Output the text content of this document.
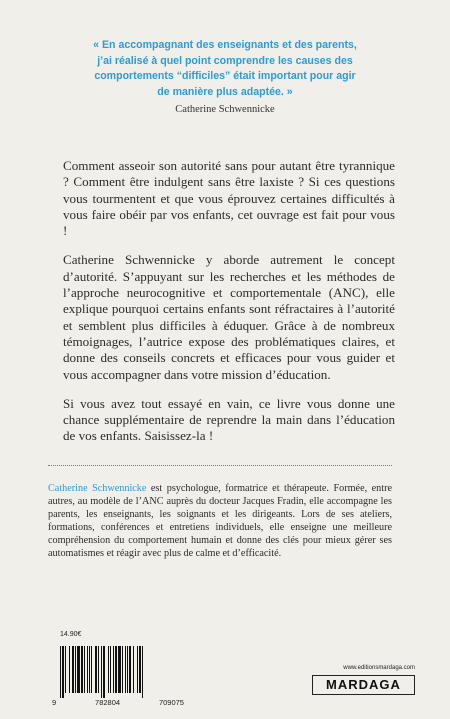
« En accompagnant des enseignants et des parents,
j’ai réalisé à quel point comprendre les causes des
comportements “difficiles” était important pour agir
de manière plus adaptée. »

Catherine Schwennicke

Comment asseoir son autorité sans pour autant être tyrannique ? Comment être indulgent sans être laxiste ? Si ces questions vous tourmentent et que vous éprouvez certaines difficultés à vous faire obéir par vos enfants, cet ouvrage est fait pour vous !

Catherine Schwennicke y aborde autrement le concept d’autorité. S’appuyant sur les recherches et les méthodes de l’approche neurocognitive et comportementale (ANC), elle explique pourquoi certains enfants sont réfractaires à l’autorité et semblent plus difficiles à éduquer. Grâce à de nombreux témoignages, l’autrice expose des problématiques claires, et donne des conseils concrets et efficaces pour vous guider et vous accompagner dans votre mission d’éducation.

Si vous avez tout essayé en vain, ce livre vous donne une chance supplémentaire de reprendre la main dans l’éducation de vos enfants. Saisissez-la !

Catherine Schwennicke est psychologue, formatrice et thérapeute. Formée, entre autres, au modèle de l’ANC auprès du docteur Jacques Fradin, elle accompagne les parents, les enseignants, les soignants et les dirigeants. Lors de ses ateliers, formations, conférences et entretiens individuels, elle enseigne une meilleure compréhension du comportement humain et donne des clés pour mieux gérer ses automatismes et réagir avec plus de calme et d’efficacité.
14.90€
9	782804	709075
www.editionsmardaga.com
MARDAGA
